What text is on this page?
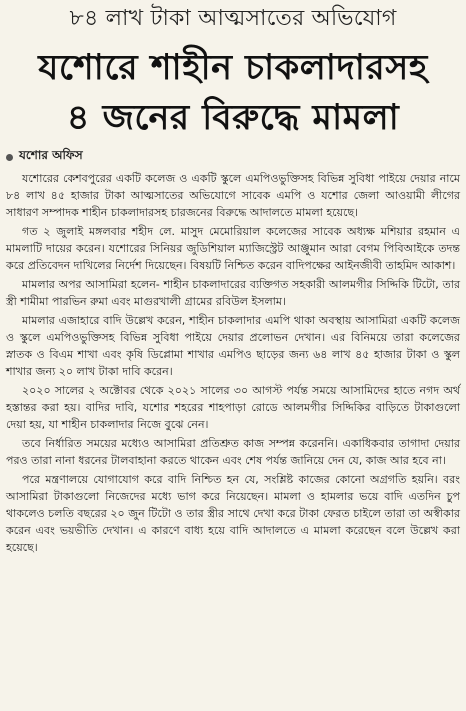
৮৪ লাখ টাকা আত্মসাতের অভিযোগ
যশোরে শাহীন চাকলাদারসহ
৪ জনের বিরুদ্ধে মামলা
যশোর অফিস

যশোরের কেশবপুরের একটি কলেজ ও একটি স্কুলে এমপিওভুক্তিসহ বিভিন্ন সুবিধা পাইয়ে দেয়ার নামে ৮৪ লাখ ৪৫ হাজার টাকা আত্মসাতের অভিযোগে সাবেক এমপি ও যশোর জেলা আওয়ামী লীগের সাধারণ সম্পাদক শাহীন চাকলাদারসহ চারজনের বিরুদ্ধে আদালতে মামলা হয়েছে।

গত ২ জুলাই মঙ্গলবার শহীদ লে. মাসুদ মেমোরিয়াল কলেজের সাবেক অধ্যক্ষ মশিয়ার রহমান এ মামলাটি দায়ের করেন। যশোরের সিনিয়র জুডিশিয়াল ম্যাজিস্ট্রেট আঞ্জুমান আরা বেগম পিবিআইকে তদন্ত করে প্রতিবেদন দাখিলের নির্দেশ দিয়েছেন। বিষয়টি নিশ্চিত করেন বাদিপক্ষের আইনজীবী তাহমিদ আকাশ।

মামলার অপর আসামিরা হলেন- শাহীন চাকলাদারের ব্যক্তিগত সহকারী আলমগীর সিদ্দিকি টিটো, তার স্ত্রী শামীমা পারভিন রুমা এবং মাগুরখালী গ্রামের রবিউল ইসলাম।

মামলার এজাহারে বাদি উল্লেখ করেন, শাহীন চাকলাদার এমপি থাকা অবস্থায় আসামিরা একটি কলেজ ও স্কুলে এমপিওভুক্তিসহ বিভিন্ন সুবিধা পাইয়ে দেয়ার প্রলোভন দেখান। এর বিনিময়ে তারা কলেজের স্নাতক ও বিএম শাখা এবং কৃষি ডিপ্লোমা শাখার এমপিও ছাড়ের জন্য ৬৪ লাখ ৪৫ হাজার টাকা ও স্কুল শাখার জন্য ২০ লাখ টাকা দাবি করেন।

২০২০ সালের ২ অক্টোবর থেকে ২০২১ সালের ৩০ আগস্ট পর্যন্ত সময়ে আসামিদের হাতে নগদ অর্থ হস্তান্তর করা হয়। বাদির দাবি, যশোর শহরের শাহপাড়া রোডে আলমগীর সিদ্দিকির বাড়িতে টাকাগুলো দেয়া হয়, যা শাহীন চাকলাদার নিজে বুঝে নেন।

তবে নির্ধারিত সময়ের মধ্যেও আসামিরা প্রতিশ্রুত কাজ সম্পন্ন করেননি। একাধিকবার তাগাদা দেয়ার পরও তারা নানা ধরনের টালবাহানা করতে থাকেন এবং শেষ পর্যন্ত জানিয়ে দেন যে, কাজ আর হবে না।

পরে মন্ত্রণালয়ে যোগাযোগ করে বাদি নিশ্চিত হন যে, সংশ্লিষ্ট কাজের কোনো অগ্রগতি হয়নি। বরং আসামিরা টাকাগুলো নিজেদের মধ্যে ভাগ করে নিয়েছেন। মামলা ও হামলার ভয়ে বাদি এতদিন চুপ থাকলেও চলতি বছরের ২০ জুন টিটো ও তার স্ত্রীর সাথে দেখা করে টাকা ফেরত চাইলে তারা তা অস্বীকার করেন এবং ভয়ভীতি দেখান। এ কারণে বাধ্য হয়ে বাদি আদালতে এ মামলা করেছেন বলে উল্লেখ করা হয়েছে।
